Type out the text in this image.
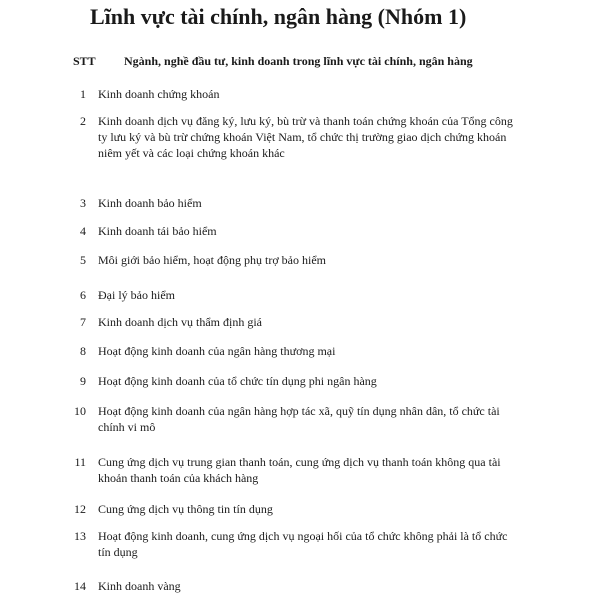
Lĩnh vực tài chính, ngân hàng (Nhóm 1)
STT Ngành, nghề đầu tư, kinh doanh trong lĩnh vực tài chính, ngân hàng
1 Kinh doanh chứng khoán
2 Kinh doanh dịch vụ đăng ký, lưu ký, bù trừ và thanh toán chứng khoán của Tổng công ty lưu ký và bù trừ chứng khoán Việt Nam, tổ chức thị trường giao dịch chứng khoán niêm yết và các loại chứng khoán khác
3 Kinh doanh bảo hiểm
4 Kinh doanh tái bảo hiểm
5 Môi giới bảo hiểm, hoạt động phụ trợ bảo hiểm
6 Đại lý bảo hiểm
7 Kinh doanh dịch vụ thẩm định giá
8 Hoạt động kinh doanh của ngân hàng thương mại
9 Hoạt động kinh doanh của tổ chức tín dụng phi ngân hàng
10 Hoạt động kinh doanh của ngân hàng hợp tác xã, quỹ tín dụng nhân dân, tổ chức tài chính vi mô
11 Cung ứng dịch vụ trung gian thanh toán, cung ứng dịch vụ thanh toán không qua tài khoản thanh toán của khách hàng
12 Cung ứng dịch vụ thông tin tín dụng
13 Hoạt động kinh doanh, cung ứng dịch vụ ngoại hối của tổ chức không phải là tổ chức tín dụng
14 Kinh doanh vàng
